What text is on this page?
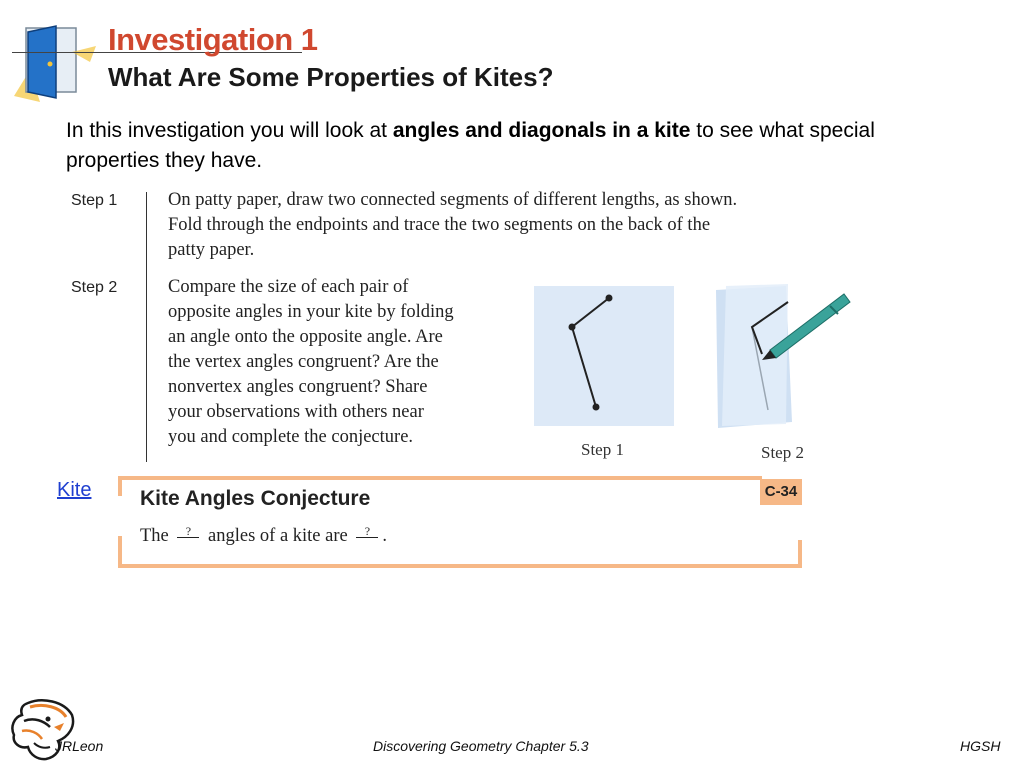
Investigation 1
What Are Some Properties of Kites?
In this investigation you will look at angles and diagonals in a kite to see what special properties they have.
Step 1	On patty paper, draw two connected segments of different lengths, as shown.
Fold through the endpoints and trace the two segments on the back of the
patty paper.
Step 2	Compare the size of each pair of
opposite angles in your kite by folding
an angle onto the opposite angle. Are
the vertex angles congruent? Are the
nonvertex angles congruent? Share
your observations with others near
you and complete the conjecture.
Step 1	Step 2
Kite	C-34
Kite Angles Conjecture
The ? angles of a kite are ? .
JRLeon	Discovering Geometry Chapter 5.3	HGSH
